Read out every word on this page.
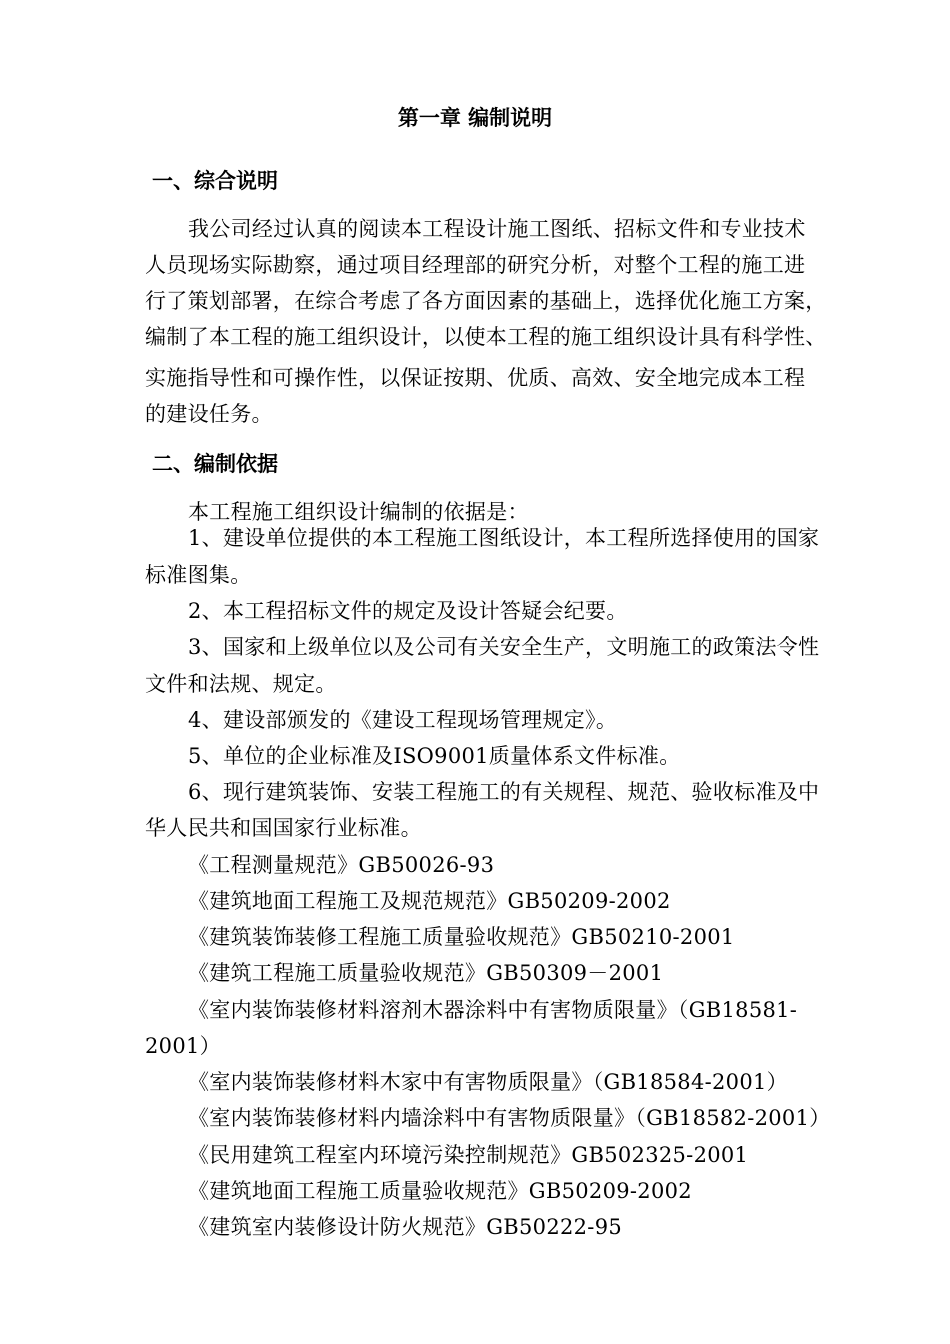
第一章 编制说明
一、综合说明
我公司经过认真的阅读本工程设计施工图纸、招标文件和专业技术
人员现场实际勘察，通过项目经理部的研究分析，对整个工程的施工进
行了策划部署，在综合考虑了各方面因素的基础上，选择优化施工方案，
编制了本工程的施工组织设计，以使本工程的施工组织设计具有科学性、
实施指导性和可操作性，以保证按期、优质、高效、安全地完成本工程
的建设任务。
二、编制依据
本工程施工组织设计编制的依据是：
1、建设单位提供的本工程施工图纸设计，本工程所选择使用的国家
标准图集。
2、本工程招标文件的规定及设计答疑会纪要。
3、国家和上级单位以及公司有关安全生产，文明施工的政策法令性
文件和法规、规定。
4、建设部颁发的《建设工程现场管理规定》。
5、单位的企业标准及ISO9001质量体系文件标准。
6、现行建筑装饰、安装工程施工的有关规程、规范、验收标准及中
华人民共和国国家行业标准。
《工程测量规范》GB50026-93
《建筑地面工程施工及规范规范》GB50209-2002
《建筑装饰装修工程施工质量验收规范》GB50210-2001
《建筑工程施工质量验收规范》GB50309－2001
《室内装饰装修材料溶剂木器涂料中有害物质限量》（GB18581-
2001）
《室内装饰装修材料木家中有害物质限量》（GB18584-2001）
《室内装饰装修材料内墙涂料中有害物质限量》（GB18582-2001）
《民用建筑工程室内环境污染控制规范》GB502325-2001
《建筑地面工程施工质量验收规范》GB50209-2002
《建筑室内装修设计防火规范》GB50222-95
